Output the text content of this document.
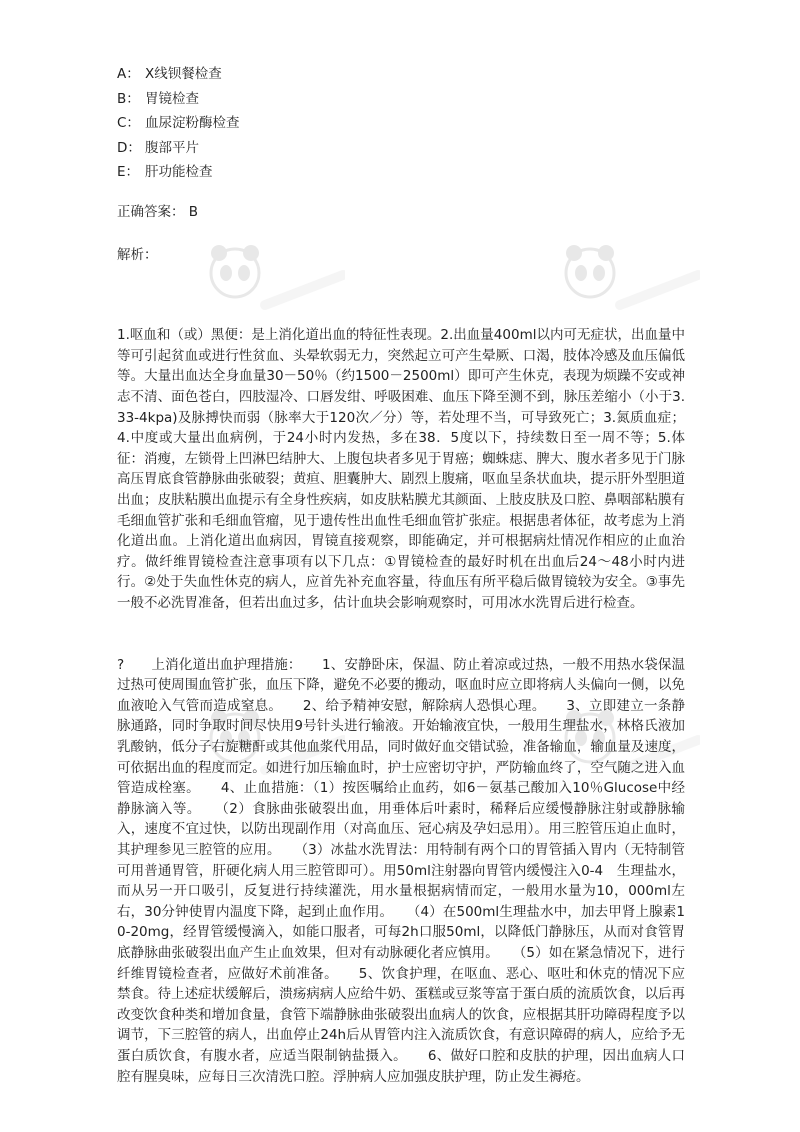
A： X线钡餐检查
B： 胃镜检查
C： 血尿淀粉酶检查
D： 腹部平片
E： 肝功能检查
正确答案： B
解析：

1.呕血和（或）黑便：是上消化道出血的特征性表现。2.出血量400ml以内可无症状，出血量中等可引起贫血或进行性贫血、头晕软弱无力，突然起立可产生晕厥、口渴，肢体冷感及血压偏低等。大量出血达全身血量30－50％（约1500－2500ml）即可产生休克，表现为烦躁不安或神志不清、面色苍白，四肢湿冷、口唇发绀、呼吸困难、血压下降至测不到，脉压差缩小（小于3.33-4kpa)及脉搏快而弱（脉率大于120次／分）等，若处理不当，可导致死亡；3.氮质血症；4.中度或大量出血病例，于24小时内发热，多在38．5度以下，持续数日至一周不等；5.体征：消瘦，左锁骨上凹淋巴结肿大、上腹包块者多见于胃癌；蜘蛛痣、脾大、腹水者多见于门脉高压胃底食管静脉曲张破裂；黄疸、胆囊肿大、剧烈上腹痛，呕血呈条状血块，提示肝外型胆道出血；皮肤粘膜出血提示有全身性疾病，如皮肤粘膜尤其颜面、上肢皮肤及口腔、鼻咽部粘膜有毛细血管扩张和毛细血管瘤，见于遗传性出血性毛细血管扩张症。根据患者体征，故考虑为上消化道出血。上消化道出血病因，胃镜直接观察，即能确定，并可根据病灶情况作相应的止血治疗。做纤维胃镜检查注意事项有以下几点：①胃镜检查的最好时机在出血后24～48小时内进行。②处于失血性休克的病人，应首先补充血容量，待血压有所平稳后做胃镜较为安全。③事先一般不必洗胃准备，但若出血过多，估计血块会影响观察时，可用冰水洗胃后进行检查。

?　　上消化道出血护理措施：　　1、安静卧床，保温、防止着凉或过热，一般不用热水袋保温过热可使周围血管扩张，血压下降，避免不必要的搬动，呕血时应立即将病人头偏向一侧，以免血液呛入气管而造成窒息。　　2、给予精神安慰，解除病人恐惧心理。　　3、立即建立一条静脉通路，同时争取时间尽快用9号针头进行输液。开始输液宜快，一般用生理盐水，林格氏液加乳酸钠，低分子右旋糖酐或其他血浆代用品，同时做好血交错试验，准备输血，输血量及速度，可依据出血的程度而定。如进行加压输血时，护士应密切守护，严防输血终了，空气随之进入血管造成栓塞。　　4、止血措施：（1）按医嘱给止血药，如6－氨基己酸加入10％Glucose中经静脉滴入等。　　（2）食脉曲张破裂出血，用垂体后叶素时，稀释后应缓慢静脉注射或静脉输入，速度不宜过快，以防出现副作用（对高血压、冠心病及孕妇忌用）。用三腔管压迫止血时，其护理参见三腔管的应用。　　（3）冰盐水洗胃法：用特制有两个口的胃管插入胃内（无特制管可用普通胃管，肝硬化病人用三腔管即可）。用50ml注射器向胃管内缓慢注入0-4　生理盐水，而从另一开口吸引，反复进行持续灌洗，用水量根据病情而定，一般用水量为10，000ml左右，30分钟使胃内温度下降，起到止血作用。　　（4）在500ml生理盐水中，加去甲肾上腺素10-20mg，经胃管缓慢滴入，如能口服者，可每2h口服50ml，以降低门静脉压，从而对食管胃底静脉曲张破裂出血产生止血效果，但对有动脉硬化者应慎用。　　（5）如在紧急情况下，进行纤维胃镜检查者，应做好术前准备。　　5、饮食护理，在呕血、恶心、呕吐和休克的情况下应禁食。待上述症状缓解后，溃疡病病人应给牛奶、蛋糕或豆浆等富于蛋白质的流质饮食，以后再改变饮食种类和增加食量，食管下端静脉曲张破裂出血病人的饮食，应根据其肝功障碍程度予以调节，下三腔管的病人，出血停止24h后从胃管内注入流质饮食，有意识障碍的病人，应给予无蛋白质饮食，有腹水者，应适当限制钠盐摄入。　　6、做好口腔和皮肤的护理，因出血病人口腔有腥臭味，应每日三次清洗口腔。浮肿病人应加强皮肤护理，防止发生褥疮。
